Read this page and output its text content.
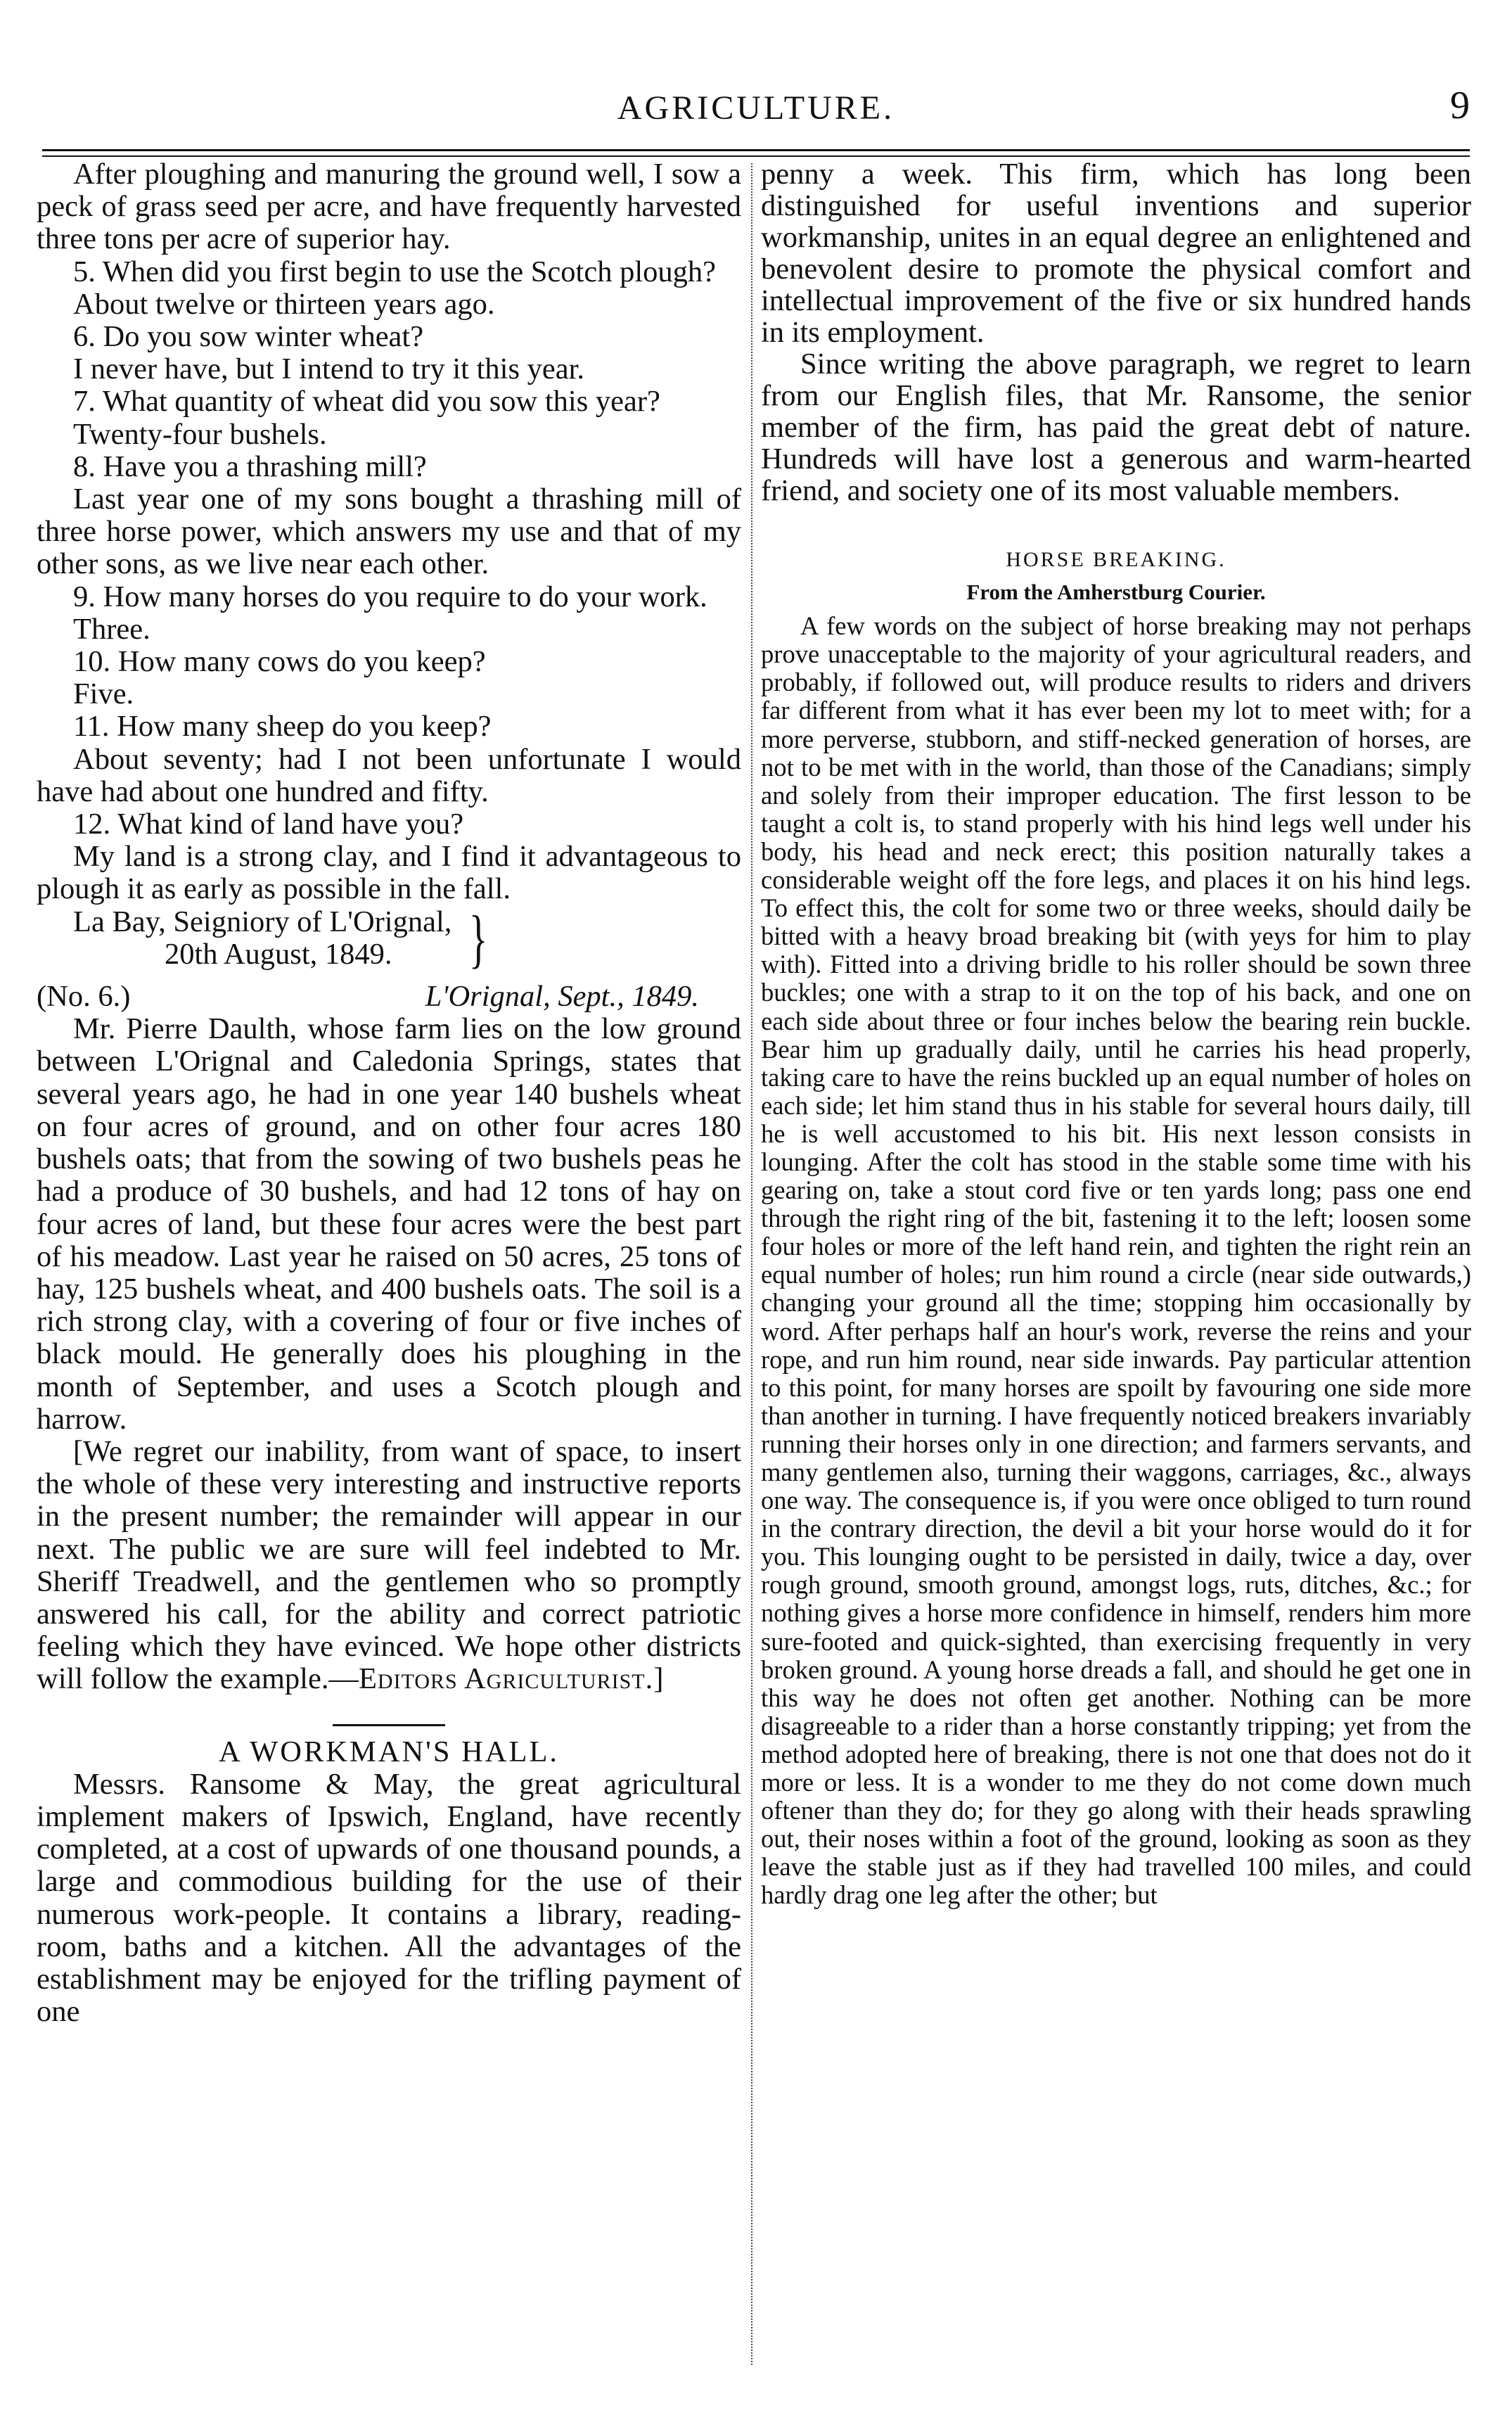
AGRICULTURE.	9

After ploughing and manuring the ground well, I sow a peck of grass seed per acre, and have frequently harvested three tons per acre of superior hay.

5. When did you first begin to use the Scotch plough?

About twelve or thirteen years ago.

6. Do you sow winter wheat?

I never have, but I intend to try it this year.

7. What quantity of wheat did you sow this year?

Twenty-four bushels.

8. Have you a thrashing mill?

Last year one of my sons bought a thrashing mill of three horse power, which answers my use and that of my other sons, as we live near each other.

9. How many horses do you require to do your work.

Three.

10. How many cows do you keep?

Five.

11. How many sheep do you keep?

About seventy; had I not been unfortunate I would have had about one hundred and fifty.

12. What kind of land have you?

My land is a strong clay, and I find it advantageous to plough it as early as possible in the fall.

La Bay, Seigniory of L'Orignal,
20th August, 1849.	}
(No. 6.)	L'Orignal, Sept., 1849.

Mr. Pierre Daulth, whose farm lies on the low ground between L'Orignal and Caledonia Springs, states that several years ago, he had in one year 140 bushels wheat on four acres of ground, and on other four acres 180 bushels oats; that from the sowing of two bushels peas he had a produce of 30 bushels, and had 12 tons of hay on four acres of land, but these four acres were the best part of his meadow. Last year he raised on 50 acres, 25 tons of hay, 125 bushels wheat, and 400 bushels oats. The soil is a rich strong clay, with a covering of four or five inches of black mould. He generally does his ploughing in the month of September, and uses a Scotch plough and harrow.

[We regret our inability, from want of space, to insert the whole of these very interesting and instructive reports in the present number; the remainder will appear in our next. The public we are sure will feel indebted to Mr. Sheriff Treadwell, and the gentlemen who so promptly answered his call, for the ability and correct patriotic feeling which they have evinced. We hope other districts will follow the example.—Editors Agriculturist.]

A WORKMAN'S HALL.

Messrs. Ransome & May, the great agricultural implement makers of Ipswich, England, have recently completed, at a cost of upwards of one thousand pounds, a large and commodious building for the use of their numerous work-people. It contains a library, reading-room, baths and a kitchen. All the advantages of the establishment may be enjoyed for the trifling payment of one

penny a week. This firm, which has long been distinguished for useful inventions and superior workmanship, unites in an equal degree an enlightened and benevolent desire to promote the physical comfort and intellectual improvement of the five or six hundred hands in its employment.

Since writing the above paragraph, we regret to learn from our English files, that Mr. Ransome, the senior member of the firm, has paid the great debt of nature. Hundreds will have lost a generous and warm-hearted friend, and society one of its most valuable members.

HORSE BREAKING.

From the Amherstburg Courier.

A few words on the subject of horse breaking may not perhaps prove unacceptable to the majority of your agricultural readers, and probably, if followed out, will produce results to riders and drivers far different from what it has ever been my lot to meet with; for a more perverse, stubborn, and stiff-necked generation of horses, are not to be met with in the world, than those of the Canadians; simply and solely from their improper education. The first lesson to be taught a colt is, to stand properly with his hind legs well under his body, his head and neck erect; this position naturally takes a considerable weight off the fore legs, and places it on his hind legs. To effect this, the colt for some two or three weeks, should daily be bitted with a heavy broad breaking bit (with yeys for him to play with). Fitted into a driving bridle to his roller should be sown three buckles; one with a strap to it on the top of his back, and one on each side about three or four inches below the bearing rein buckle. Bear him up gradually daily, until he carries his head properly, taking care to have the reins buckled up an equal number of holes on each side; let him stand thus in his stable for several hours daily, till he is well accustomed to his bit. His next lesson consists in lounging. After the colt has stood in the stable some time with his gearing on, take a stout cord five or ten yards long; pass one end through the right ring of the bit, fastening it to the left; loosen some four holes or more of the left hand rein, and tighten the right rein an equal number of holes; run him round a circle (near side outwards,) changing your ground all the time; stopping him occasionally by word. After perhaps half an hour's work, reverse the reins and your rope, and run him round, near side inwards. Pay particular attention to this point, for many horses are spoilt by favouring one side more than another in turning. I have frequently noticed breakers invariably running their horses only in one direction; and farmers servants, and many gentlemen also, turning their waggons, carriages, &c., always one way. The consequence is, if you were once obliged to turn round in the contrary direction, the devil a bit your horse would do it for you. This lounging ought to be persisted in daily, twice a day, over rough ground, smooth ground, amongst logs, ruts, ditches, &c.; for nothing gives a horse more confidence in himself, renders him more sure-footed and quick-sighted, than exercising frequently in very broken ground. A young horse dreads a fall, and should he get one in this way he does not often get another. Nothing can be more disagreeable to a rider than a horse constantly tripping; yet from the method adopted here of breaking, there is not one that does not do it more or less. It is a wonder to me they do not come down much oftener than they do; for they go along with their heads sprawling out, their noses within a foot of the ground, looking as soon as they leave the stable just as if they had travelled 100 miles, and could hardly drag one leg after the other; but
